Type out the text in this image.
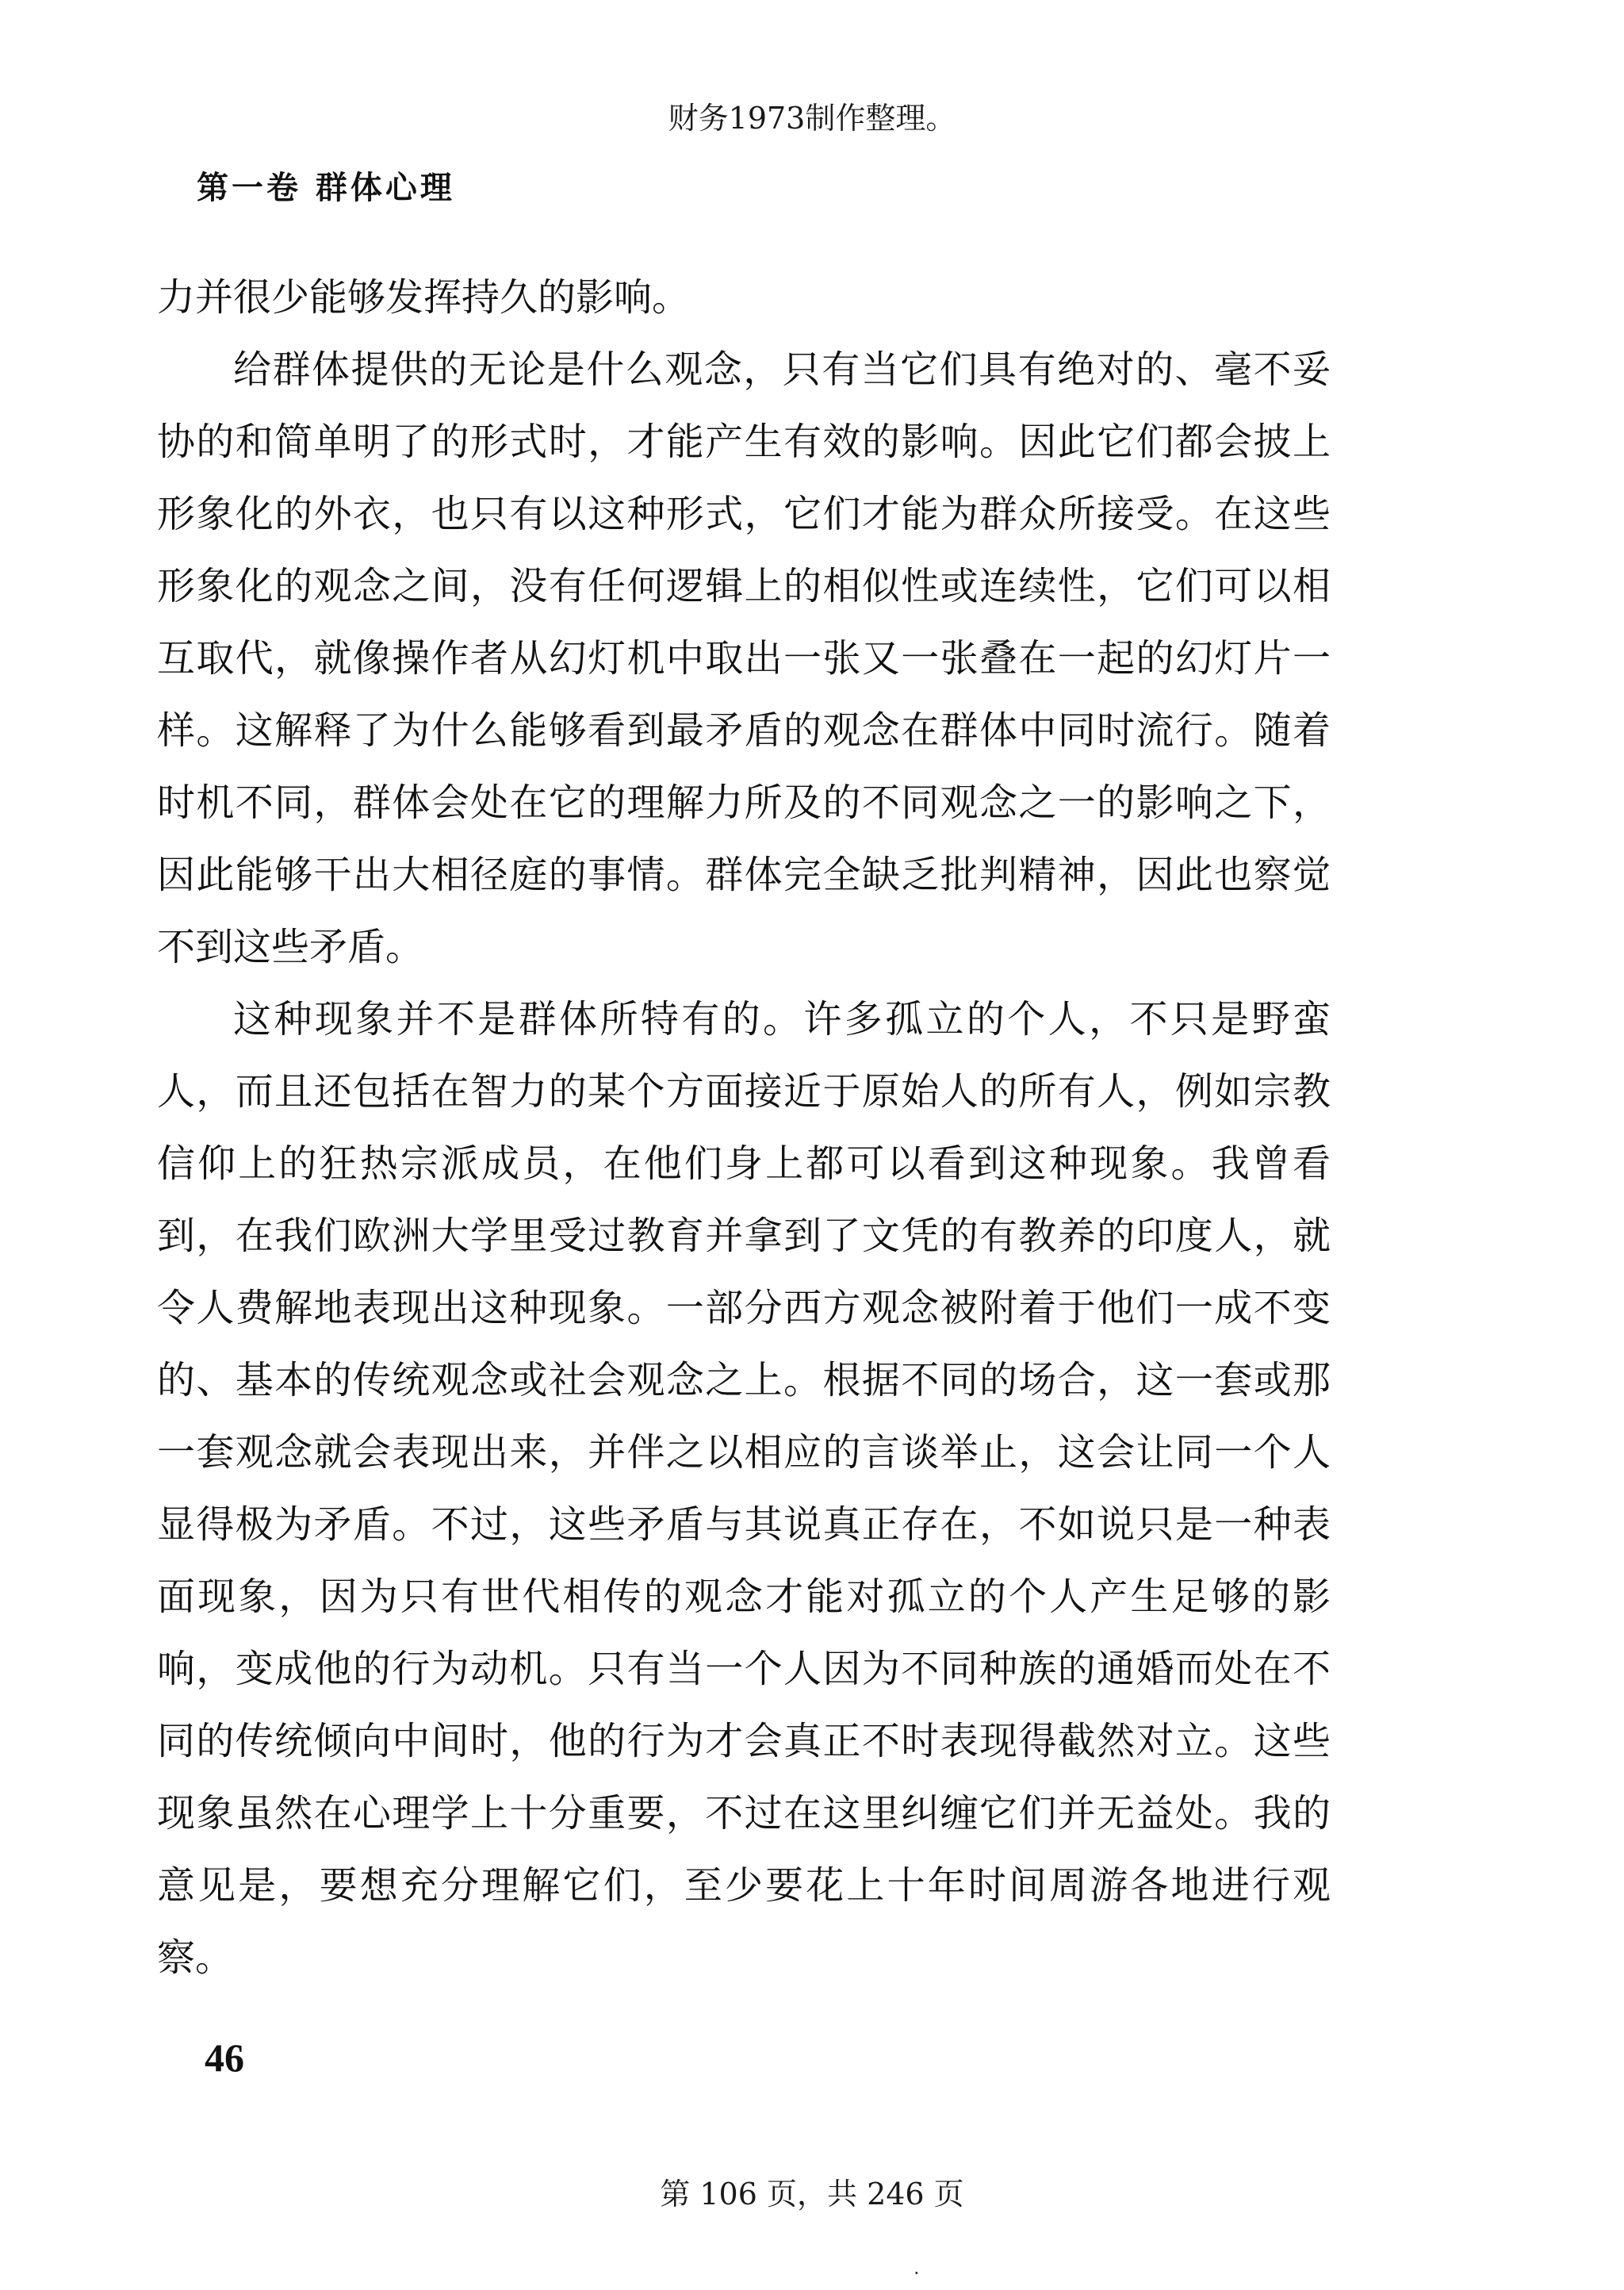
财务1973制作整理。
第一卷 群体心理

力并很少能够发挥持久的影响。

给群体提供的无论是什么观念，只有当它们具有绝对的、毫不妥协的和简单明了的形式时，才能产生有效的影响。因此它们都会披上形象化的外衣，也只有以这种形式，它们才能为群众所接受。在这些形象化的观念之间，没有任何逻辑上的相似性或连续性，它们可以相互取代，就像操作者从幻灯机中取出一张又一张叠在一起的幻灯片一样。这解释了为什么能够看到最矛盾的观念在群体中同时流行。随着时机不同，群体会处在它的理解力所及的不同观念之一的影响之下，因此能够干出大相径庭的事情。群体完全缺乏批判精神，因此也察觉不到这些矛盾。

这种现象并不是群体所特有的。许多孤立的个人，不只是野蛮人，而且还包括在智力的某个方面接近于原始人的所有人，例如宗教信仰上的狂热宗派成员，在他们身上都可以看到这种现象。我曾看到，在我们欧洲大学里受过教育并拿到了文凭的有教养的印度人，就令人费解地表现出这种现象。一部分西方观念被附着于他们一成不变的、基本的传统观念或社会观念之上。根据不同的场合，这一套或那一套观念就会表现出来，并伴之以相应的言谈举止，这会让同一个人显得极为矛盾。不过，这些矛盾与其说真正存在，不如说只是一种表面现象，因为只有世代相传的观念才能对孤立的个人产生足够的影响，变成他的行为动机。只有当一个人因为不同种族的通婚而处在不同的传统倾向中间时，他的行为才会真正不时表现得截然对立。这些现象虽然在心理学上十分重要，不过在这里纠缠它们并无益处。我的意见是，要想充分理解它们，至少要花上十年时间周游各地进行观察。

46
第 106 页，共 246 页
.
